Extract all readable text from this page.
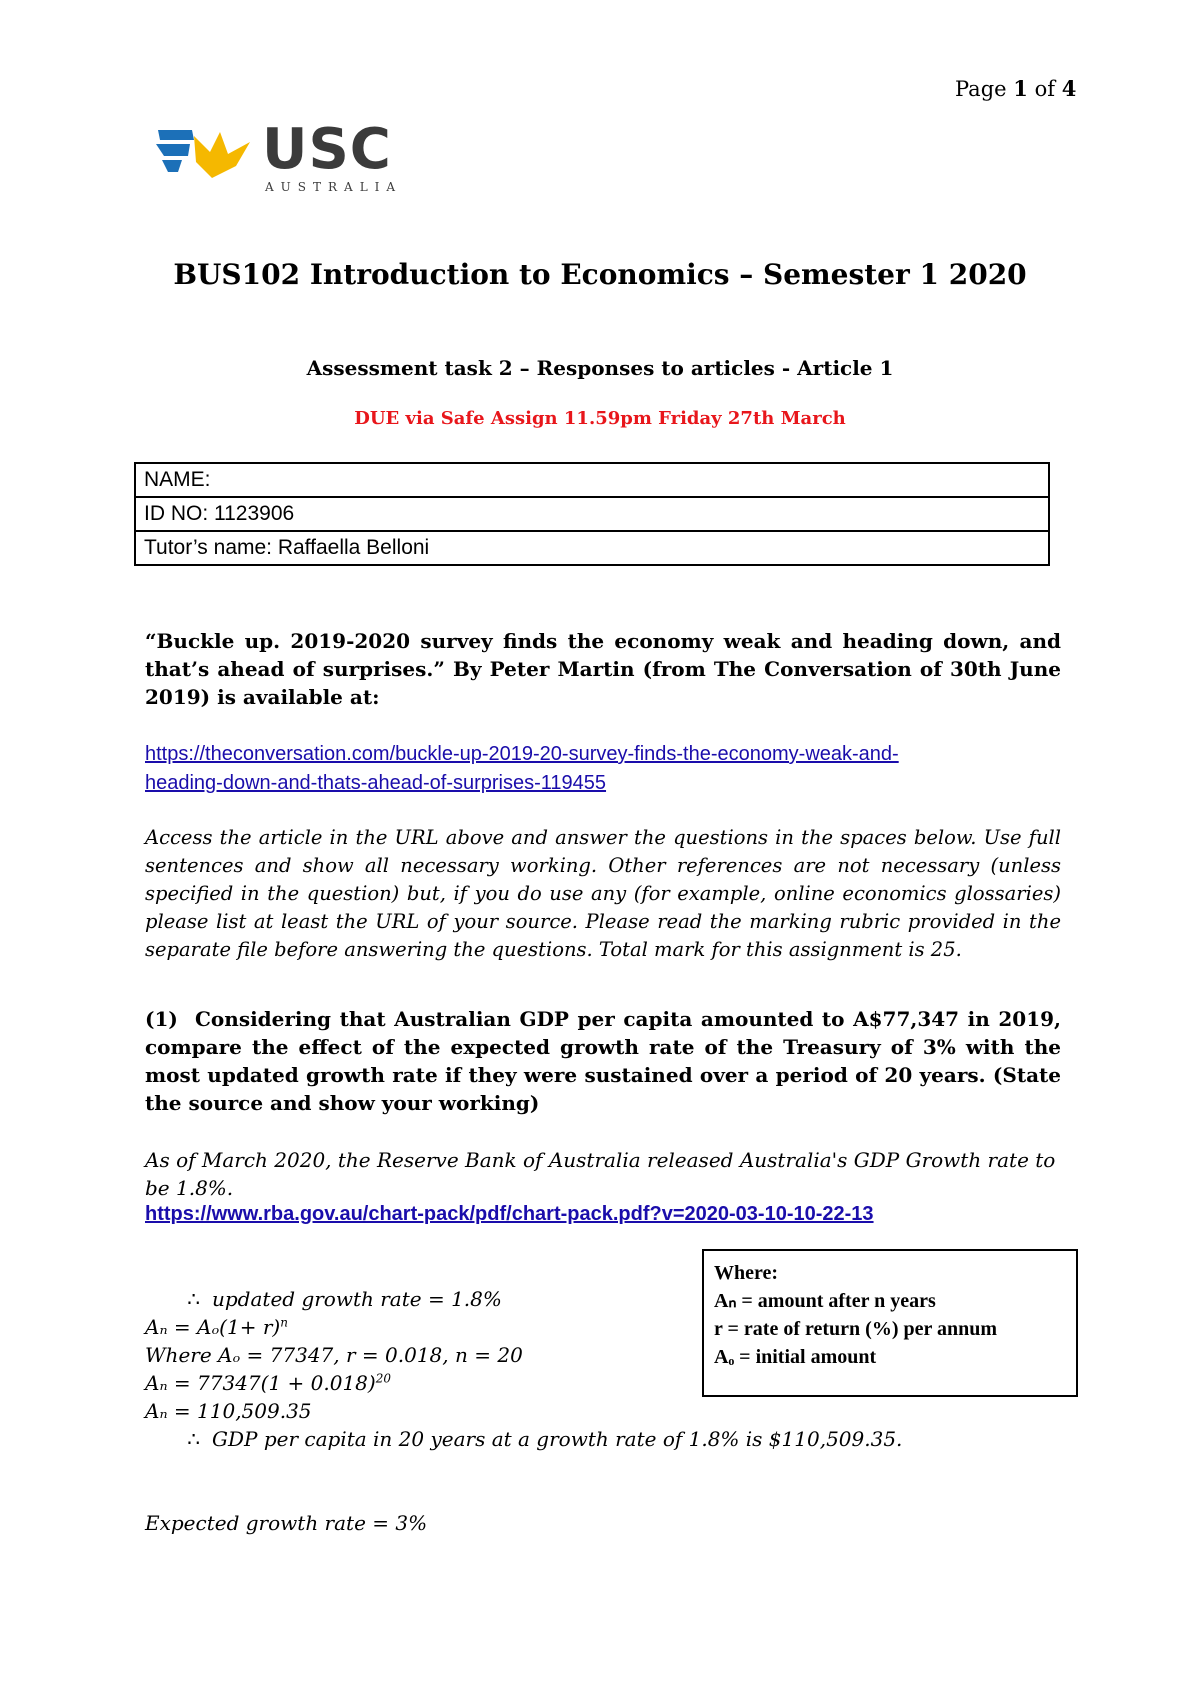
Page 1 of 4
USC
AUSTRALIA
BUS102 Introduction to Economics – Semester 1 2020
Assessment task 2 – Responses to articles - Article 1
DUE via Safe Assign 11.59pm Friday 27th March
NAME:
ID NO: 1123906
Tutor’s name: Raffaella Belloni
“Buckle up. 2019-2020 survey finds the economy weak and heading down, and that’s ahead of surprises.” By Peter Martin (from The Conversation of 30th June 2019) is available at:
https://theconversation.com/buckle-up-2019-20-survey-finds-the-economy-weak-and-
heading-down-and-thats-ahead-of-surprises-119455
Access the article in the URL above and answer the questions in the spaces below. Use full sentences and show all necessary working. Other references are not necessary (unless specified in the question) but, if you do use any (for example, online economics glossaries) please list at least the URL of your source. Please read the marking rubric provided in the separate file before answering the questions. Total mark for this assignment is 25.
(1) Considering that Australian GDP per capita amounted to A$77,347 in 2019, compare the effect of the expected growth rate of the Treasury of 3% with the most updated growth rate if they were sustained over a period of 20 years. (State the source and show your working)
As of March 2020, the Reserve Bank of Australia released Australia's GDP Growth rate to be 1.8%.
https://www.rba.gov.au/chart-pack/pdf/chart-pack.pdf?v=2020-03-10-10-22-13
Where:
Aₙ = amount after n years
r = rate of return (%) per annum
Aₒ = initial amount
∴ updated growth rate = 1.8%
$A_n = A_o(1+ r)^n$
Where Aₒ = 77347, r = 0.018, n = 20
$A_n = 77347(1 + 0.018)^{20}$
Aₙ = 110,509.35
∴ GDP per capita in 20 years at a growth rate of 1.8% is $110,509.35.
Expected growth rate = 3%
